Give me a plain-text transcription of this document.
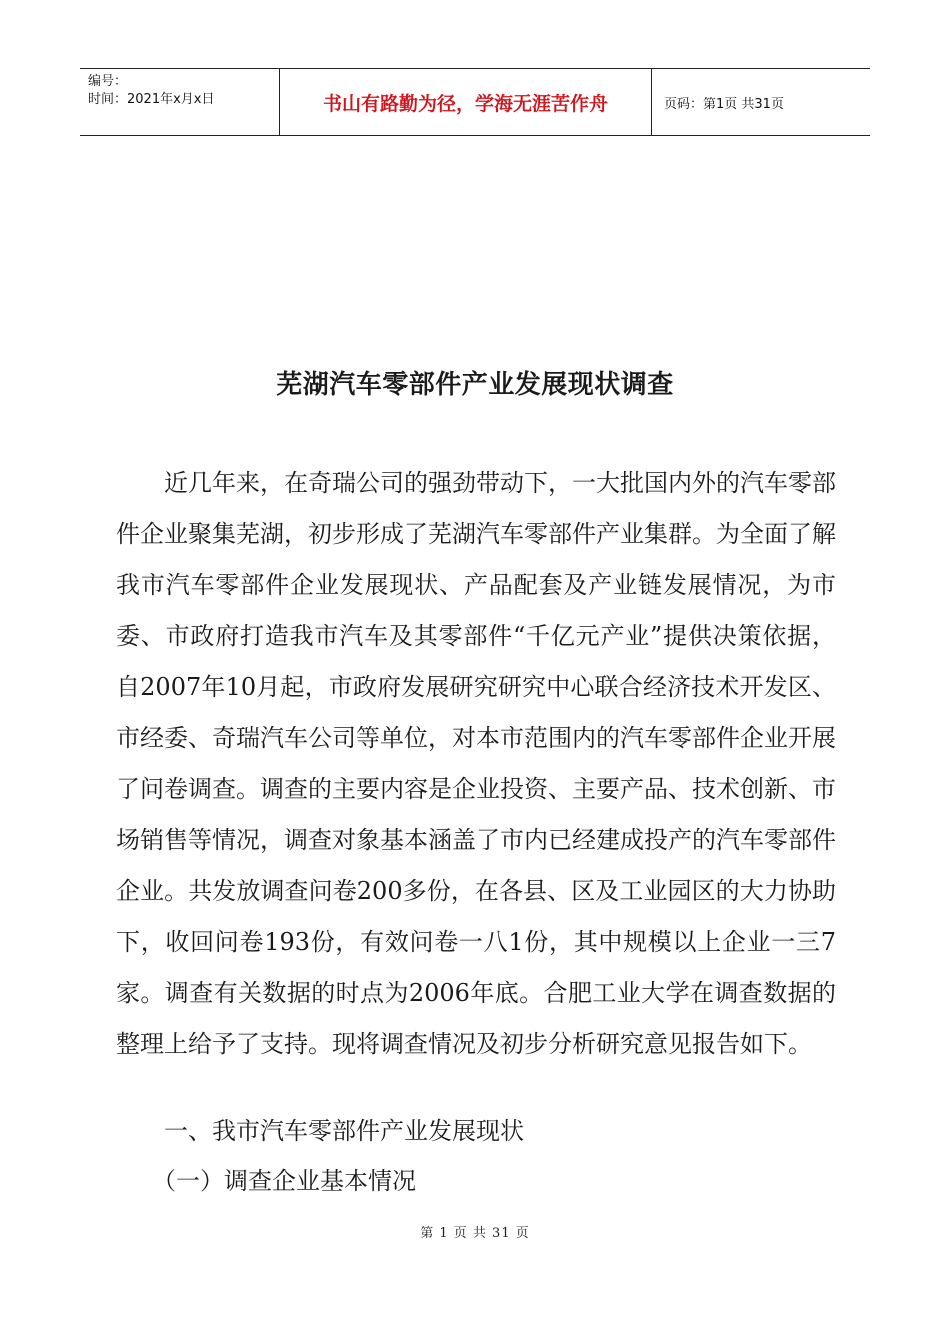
编号：
时间：2021年x月x日	书山有路勤为径，学海无涯苦作舟	页码：第1页 共31页
芜湖汽车零部件产业发展现状调查

近几年来，在奇瑞公司的强劲带动下，一大批国内外的汽车零部件企业聚集芜湖，初步形成了芜湖汽车零部件产业集群。为全面了解我市汽车零部件企业发展现状、产品配套及产业链发展情况，为市委、市政府打造我市汽车及其零部件“千亿元产业”提供决策依据，自2007年10月起，市政府发展研究研究中心联合经济技术开发区、市经委、奇瑞汽车公司等单位，对本市范围内的汽车零部件企业开展了问卷调查。调查的主要内容是企业投资、主要产品、技术创新、市场销售等情况，调查对象基本涵盖了市内已经建成投产的汽车零部件企业。共发放调查问卷200多份，在各县、区及工业园区的大力协助下，收回问卷193份，有效问卷一八1份，其中规模以上企业一三7家。调查有关数据的时点为2006年底。合肥工业大学在调查数据的整理上给予了支持。现将调查情况及初步分析研究意见报告如下。

一、我市汽车零部件产业发展现状
（一）调查企业基本情况
第 1 页 共 31 页
